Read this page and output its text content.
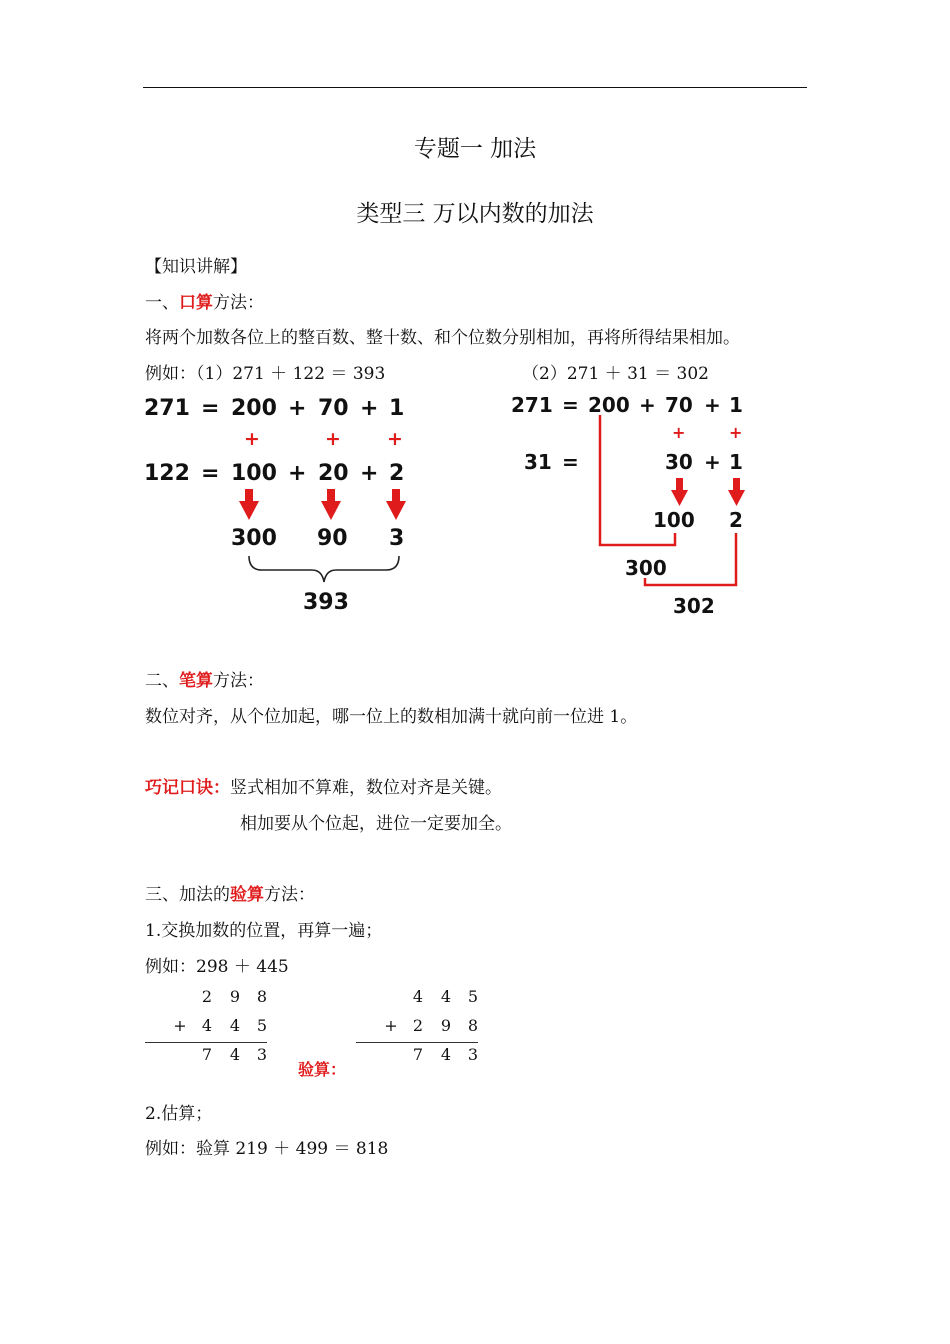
专题一 加法
类型三 万以内数的加法
【知识讲解】
一、口算方法：
将两个加数各位上的整百数、整十数、和个位数分别相加，再将所得结果相加。
例如：（1）271 ＋ 122 ＝ 393	（2）271 ＋ 31 ＝ 302
271 = 200 + 70 + 1
+	+ +
122 = 100 + 20 + 2
300 90 3
393
271 = 200 + 70 + 1
+	+
31 =	30 + 1
100 2
300
302
二、笔算方法：
数位对齐，从个位加起，哪一位上的数相加满十就向前一位进 1。
巧记口诀：竖式相加不算难，数位对齐是关键。
相加要从个位起，进位一定要加全。
三、加法的验算方法：
1.交换加数的位置，再算一遍；
例如：298 ＋ 445
2	9	8
+ 4	4	5
7	4	3
验算：
4	4	5
+ 2	9	8
7	4	3
2.估算；
例如：验算 219 ＋ 499 ＝ 818
